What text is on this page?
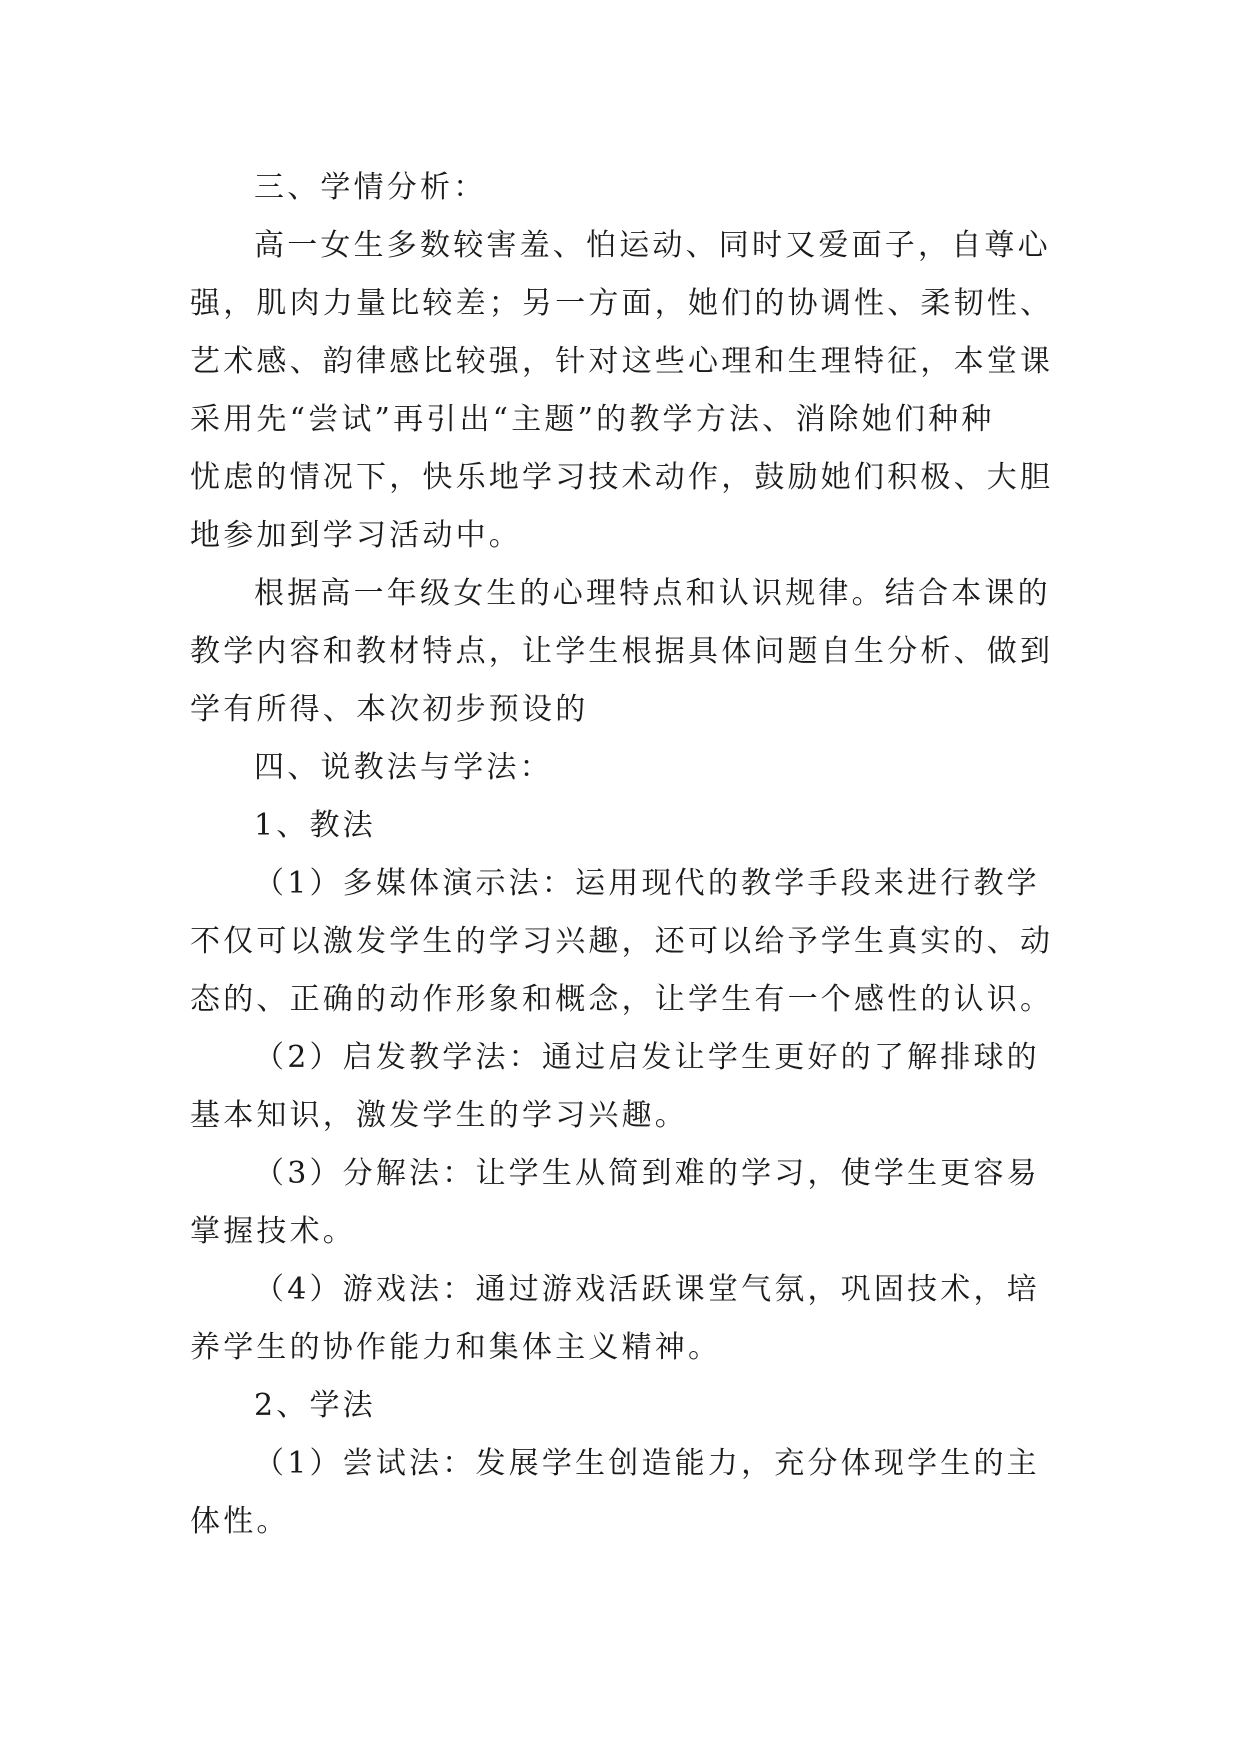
三、学情分析：
高一女生多数较害羞、怕运动、同时又爱面子，自尊心
强，肌肉力量比较差；另一方面，她们的协调性、柔韧性、
艺术感、韵律感比较强，针对这些心理和生理特征，本堂课
采用先“尝试”再引出“主题”的教学方法、消除她们种种
忧虑的情况下，快乐地学习技术动作，鼓励她们积极、大胆
地参加到学习活动中。
根据高一年级女生的心理特点和认识规律。结合本课的
教学内容和教材特点，让学生根据具体问题自生分析、做到
学有所得、本次初步预设的
四、说教法与学法：
1、教法
（1）多媒体演示法：运用现代的教学手段来进行教学
不仅可以激发学生的学习兴趣，还可以给予学生真实的、动
态的、正确的动作形象和概念，让学生有一个感性的认识。
（2）启发教学法：通过启发让学生更好的了解排球的
基本知识，激发学生的学习兴趣。
（3）分解法：让学生从简到难的学习，使学生更容易
掌握技术。
（4）游戏法：通过游戏活跃课堂气氛，巩固技术，培
养学生的协作能力和集体主义精神。
2、学法
（1）尝试法：发展学生创造能力，充分体现学生的主
体性。
